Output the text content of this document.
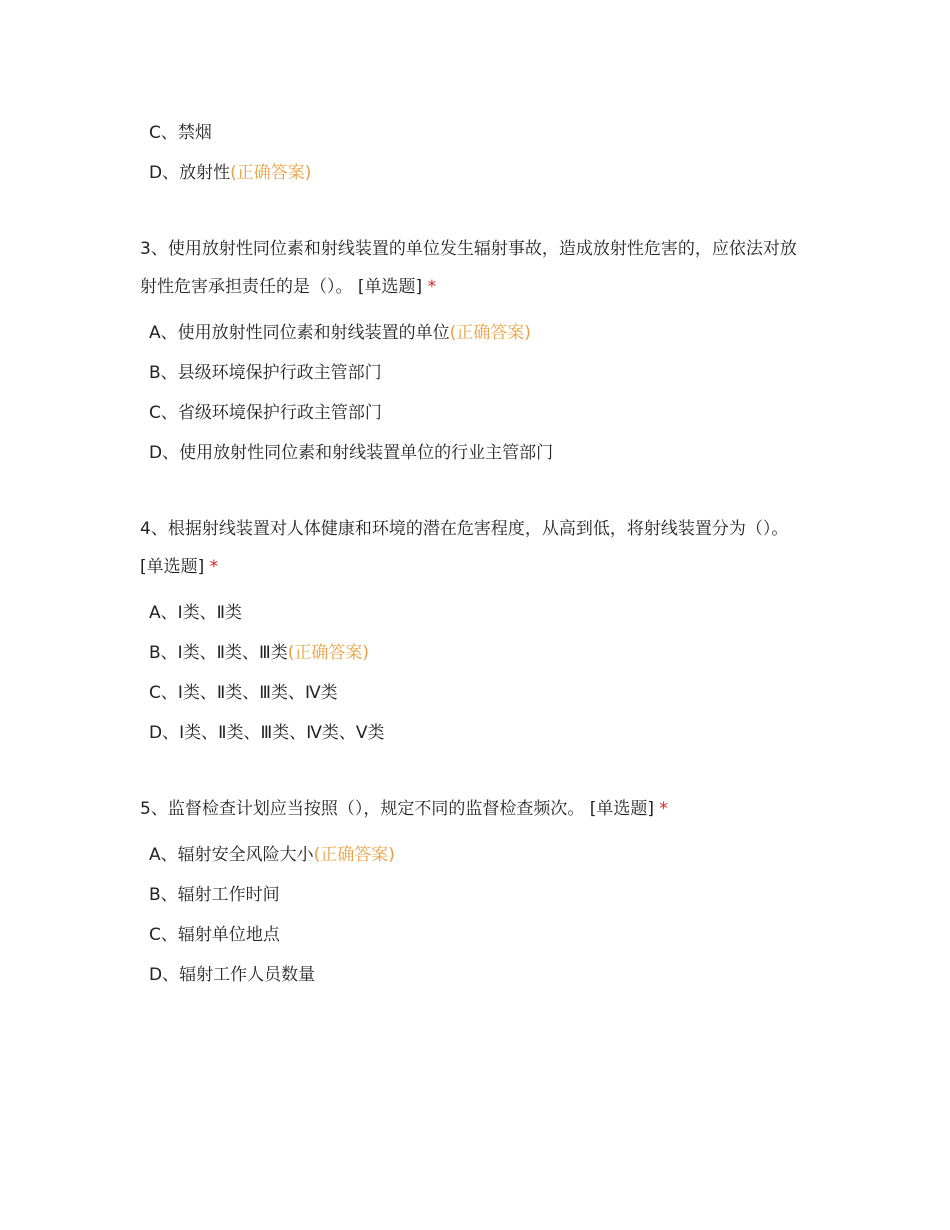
C、禁烟
D、放射性(正确答案)
3、使用放射性同位素和射线装置的单位发生辐射事故，造成放射性危害的，应依法对放射性危害承担责任的是（）。 [单选题] *
A、使用放射性同位素和射线装置的单位(正确答案)
B、县级环境保护行政主管部门
C、省级环境保护行政主管部门
D、使用放射性同位素和射线装置单位的行业主管部门
4、根据射线装置对人体健康和环境的潜在危害程度，从高到低，将射线装置分为（）。 [单选题] *
A、Ⅰ类、Ⅱ类
B、Ⅰ类、Ⅱ类、Ⅲ类(正确答案)
C、Ⅰ类、Ⅱ类、Ⅲ类、Ⅳ类
D、Ⅰ类、Ⅱ类、Ⅲ类、Ⅳ类、Ⅴ类
5、监督检查计划应当按照（），规定不同的监督检查频次。 [单选题] *
A、辐射安全风险大小(正确答案)
B、辐射工作时间
C、辐射单位地点
D、辐射工作人员数量
